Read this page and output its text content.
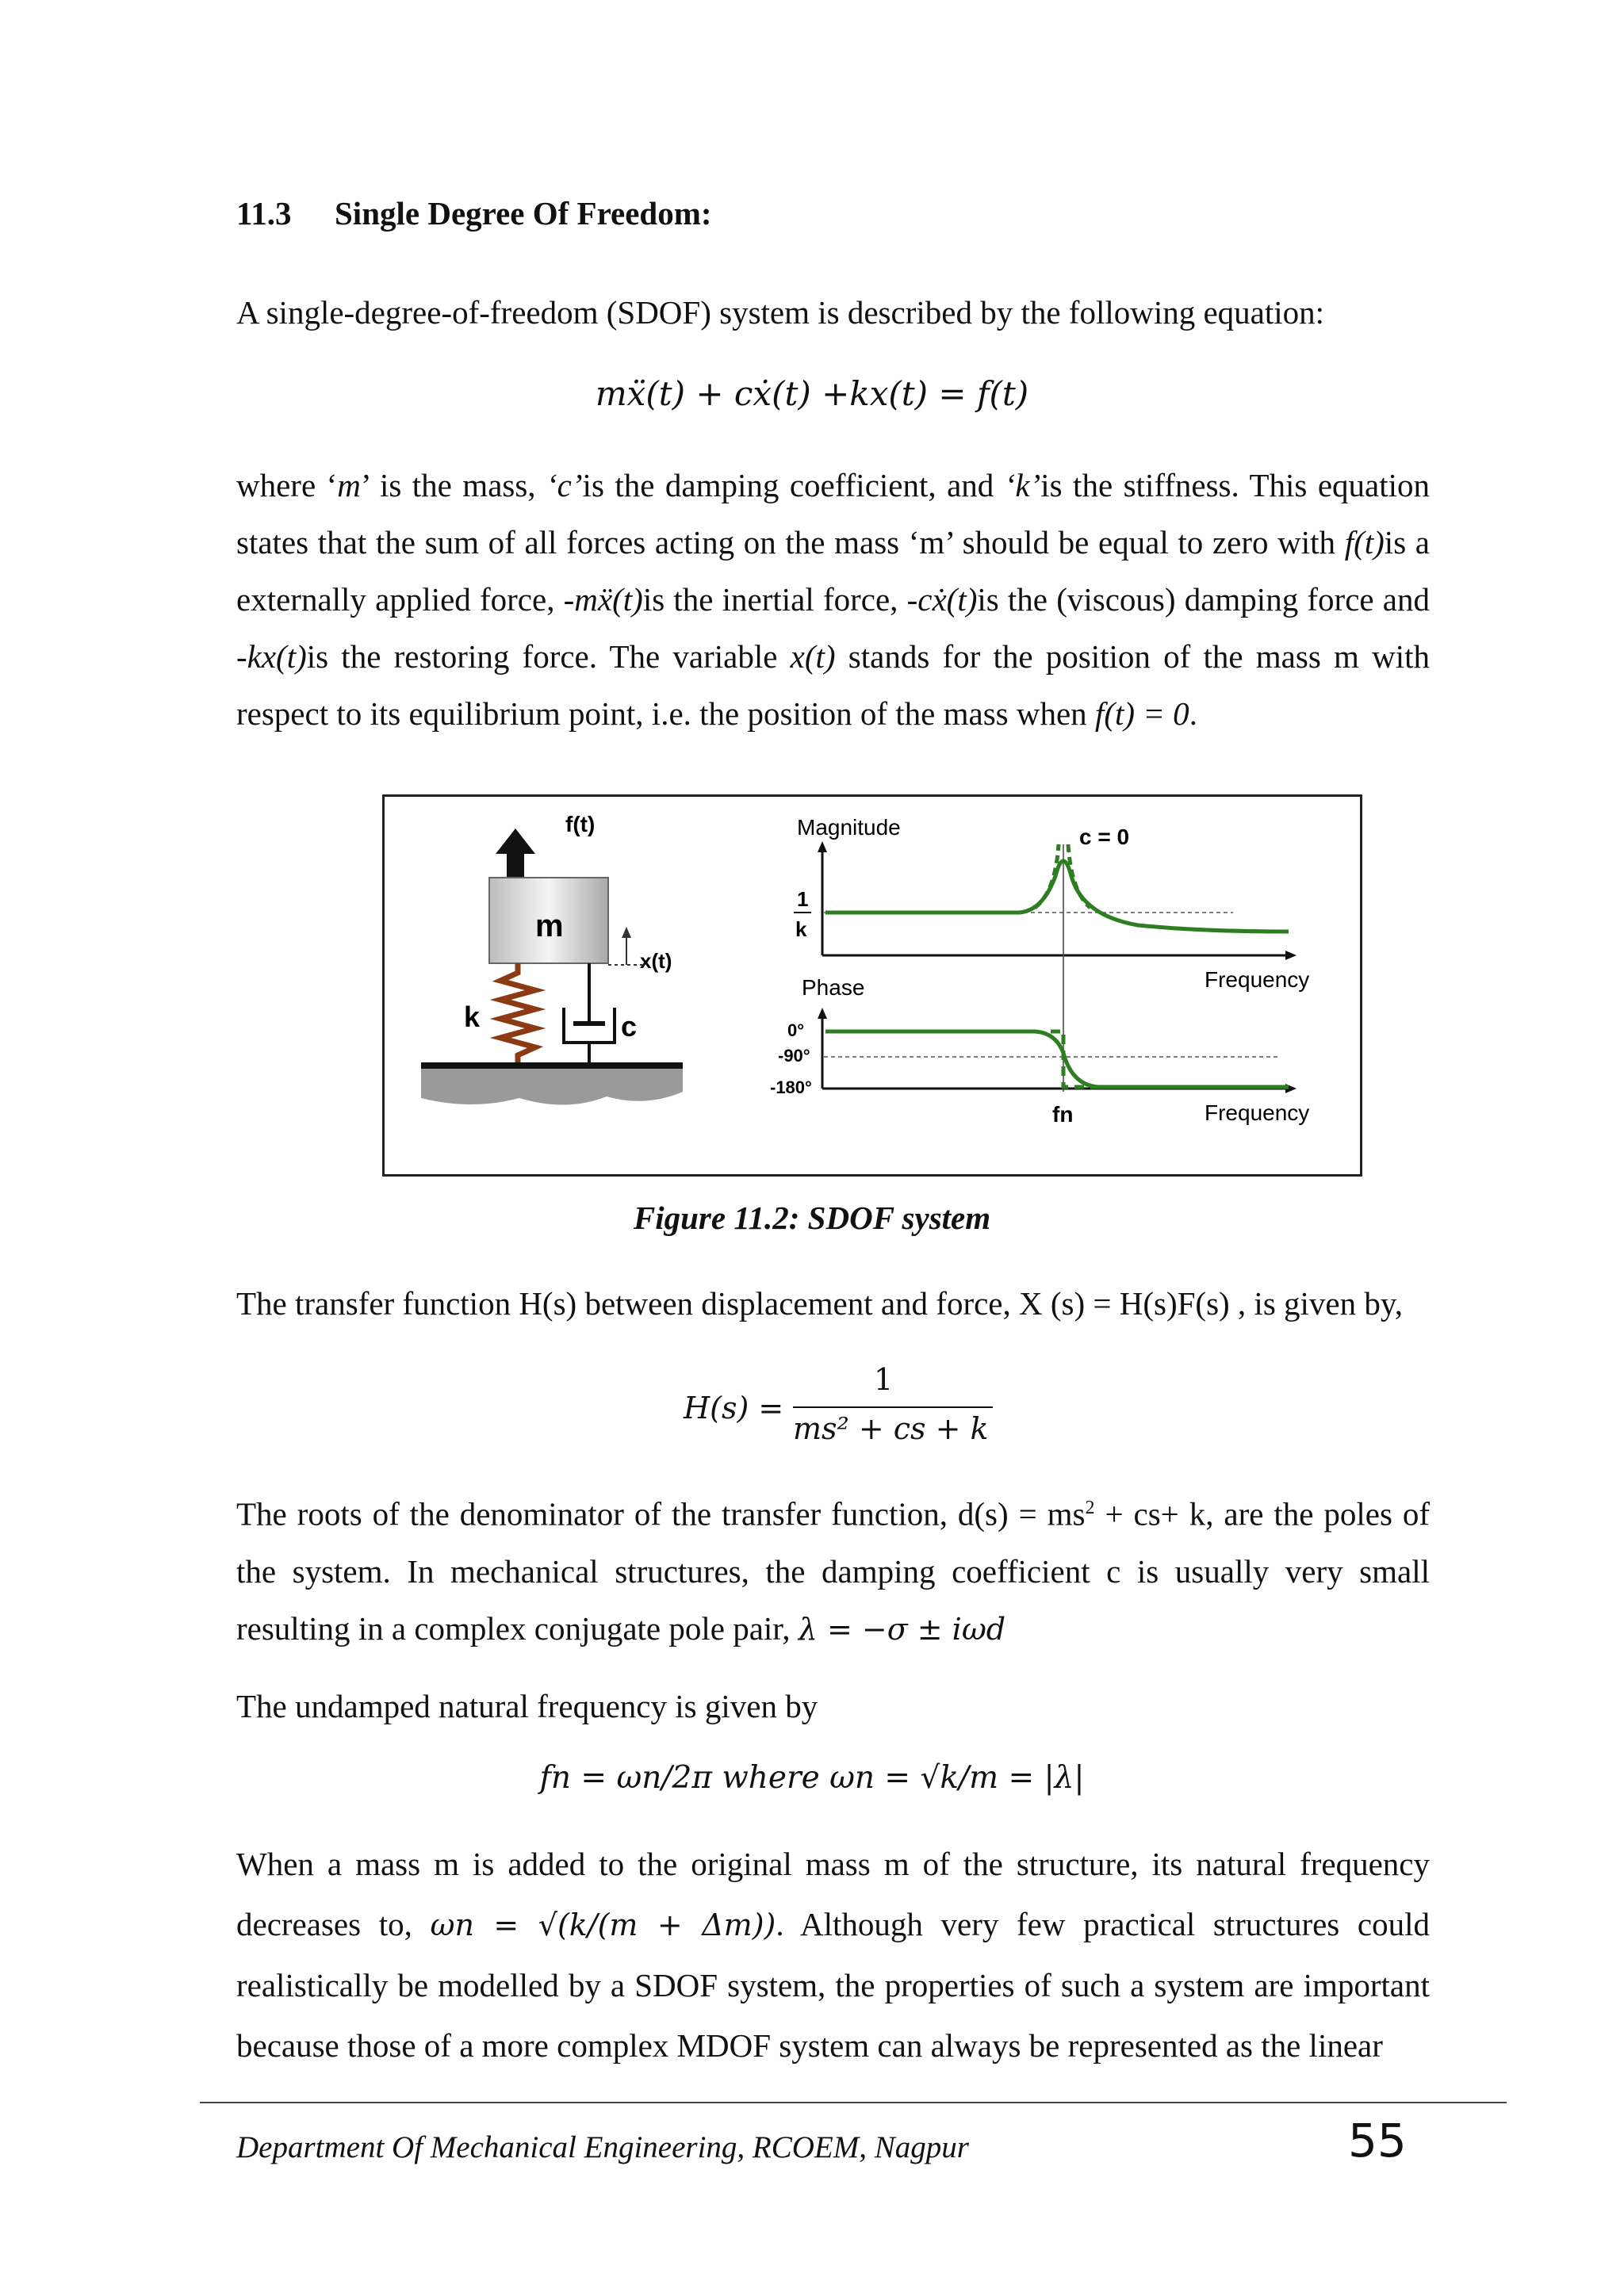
11.3 Single Degree Of Freedom:
A single-degree-of-freedom (SDOF) system is described by the following equation:
mẍ(t) + cẋ(t) +kx(t) = f(t)
where ‘m’ is the mass, ‘c’is the damping coefficient, and ‘k’is the stiffness. This equation states that the sum of all forces acting on the mass ‘m’ should be equal to zero with f(t)is a externally applied force, -mẍ(t)is the inertial force, -cẋ(t)is the (viscous) damping force and -kx(t)is the restoring force. The variable x(t) stands for the position of the mass m with respect to its equilibrium point, i.e. the position of the mass when f(t) = 0.
f(t)
m
x(t)
k	c
Magnitude
1
k
c = 0
Frequency
Phase
0°
-90°
-180°
fn	Frequency
Figure 11.2: SDOF system
The transfer function H(s) between displacement and force, X (s) = H(s)F(s) , is given by,
H(s) =
1
ms² + cs + k
The roots of the denominator of the transfer function, $d(s) = ms^2 + cs+ k$, are the poles of the system. In mechanical structures, the damping coefficient c is usually very small resulting in a complex conjugate pole pair, λ = −σ ± iωd
The undamped natural frequency is given by
fn = ωn/2π where ωn = √k/m = |λ|
When a mass m is added to the original mass m of the structure, its natural frequency decreases to, ωn = √(k/(m + Δm)). Although very few practical structures could realistically be modelled by a SDOF system, the properties of such a system are important because those of a more complex MDOF system can always be represented as the linear
Department Of Mechanical Engineering, RCOEM, Nagpur	55
